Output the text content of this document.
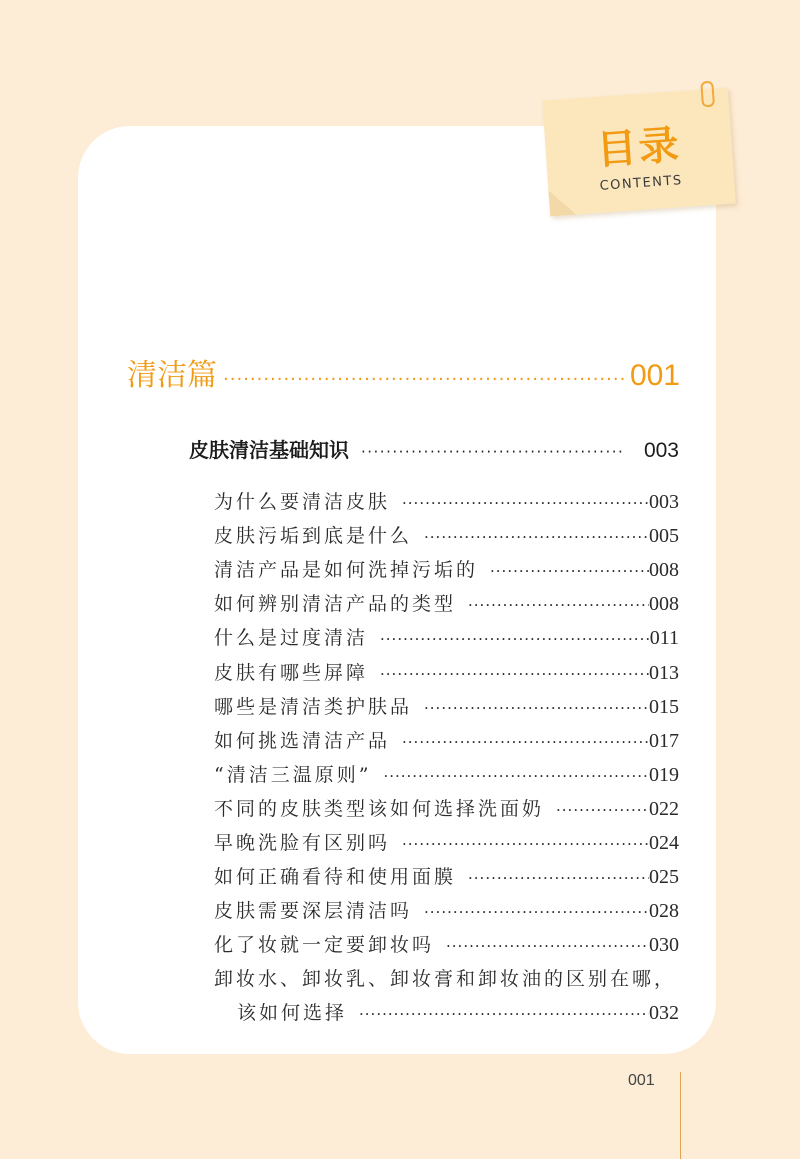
目录
CONTENTS
清洁篇 ·····	001
皮肤清洁基础知识 ·····	003
为什么要清洁皮肤 ·····	003
皮肤污垢到底是什么 ·····	005
清洁产品是如何洗掉污垢的 ·····	008
如何辨别清洁产品的类型 ·····	008
什么是过度清洁 ·····	011
皮肤有哪些屏障 ·····	013
哪些是清洁类护肤品 ·····	015
如何挑选清洁产品 ·····	017
“清洁三温原则” ·····	019
不同的皮肤类型该如何选择洗面奶 ·····	022
早晚洗脸有区别吗 ·····	024
如何正确看待和使用面膜 ·····	025
皮肤需要深层清洁吗 ·····	028
化了妆就一定要卸妆吗 ·····	030
卸妆水、卸妆乳、卸妆膏和卸妆油的区别在哪，
该如何选择 ·····	032
001
